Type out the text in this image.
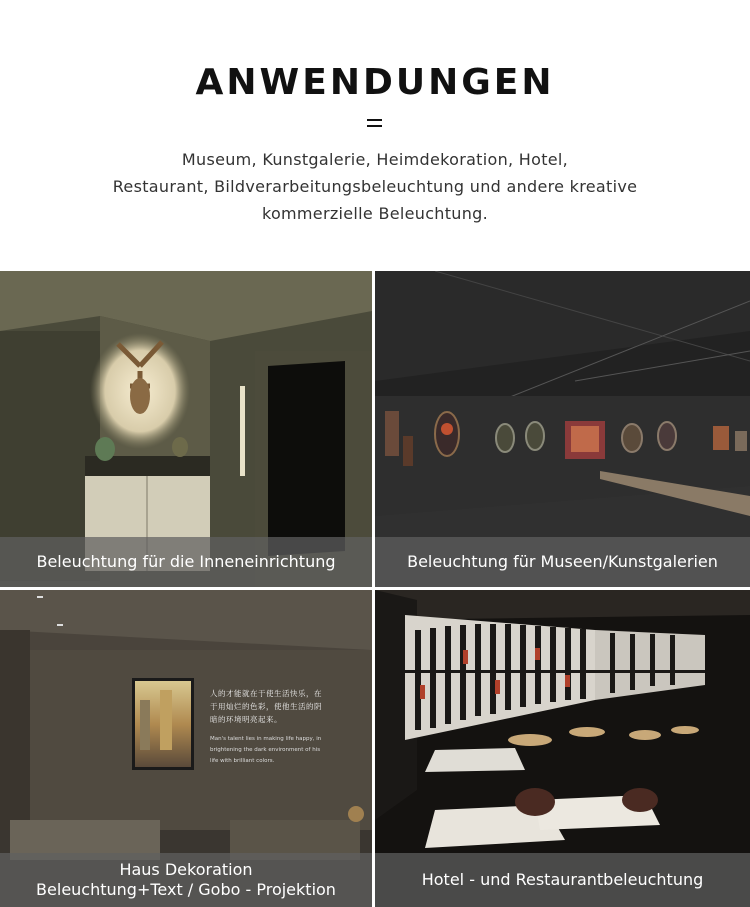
ANWENDUNGEN
Museum, Kunstgalerie, Heimdekoration, Hotel,
Restaurant, Bildverarbeitungsbeleuchtung und andere kreative
kommerzielle Beleuchtung.
Beleuchtung für die Inneneinrichtung	Beleuchtung für Museen/Kunstgalerien
人的才能就在于使生活快乐，在
于用灿烂的色彩，使他生活的阴
暗的环境明亮起来。
Man's talent lies in making life happy, in
brightening the dark environment of his
life with brilliant colors.
Haus Dekoration
Beleuchtung+Text / Gobo - Projektion
Hotel - und Restaurantbeleuchtung
